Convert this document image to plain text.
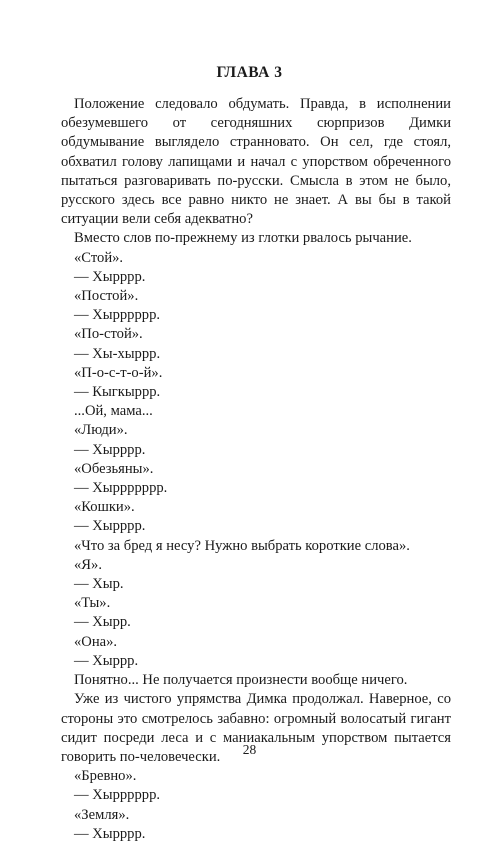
ГЛАВА 3

Положение следовало обдумать. Правда, в исполнении обезумевшего от сегодняшних сюрпризов Димки обдумывание выглядело странновато. Он сел, где стоял, обхватил голову лапищами и начал с упорством обреченного пытаться разговаривать по-русски. Смысла в этом не было, русского здесь все равно никто не знает. А вы бы в такой ситуации вели себя адекватно?

Вместо слов по-прежнему из глотки рвалось рычание.

«Стой».

— Хырррр.

«Постой».

— Хырррррр.

«По-стой».

— Хы-хыррр.

«П-о-с-т-о-й».

— Кыгкыррр.

...Ой, мама...

«Люди».

— Хырррр.

«Обезьяны».

— Хыррррррр.

«Кошки».

— Хырррр.

«Что за бред я несу? Нужно выбрать короткие слова».

«Я».

— Хыр.

«Ты».

— Хырр.

«Она».

— Хыррр.

Понятно... Не получается произнести вообще ничего.

Уже из чистого упрямства Димка продолжал. Наверное, со стороны это смотрелось забавно: огромный волосатый гигант сидит посреди леса и с маниакальным упорством пытается говорить по-человечески.

«Бревно».

— Хырррррр.

«Земля».

— Хырррр.

28
